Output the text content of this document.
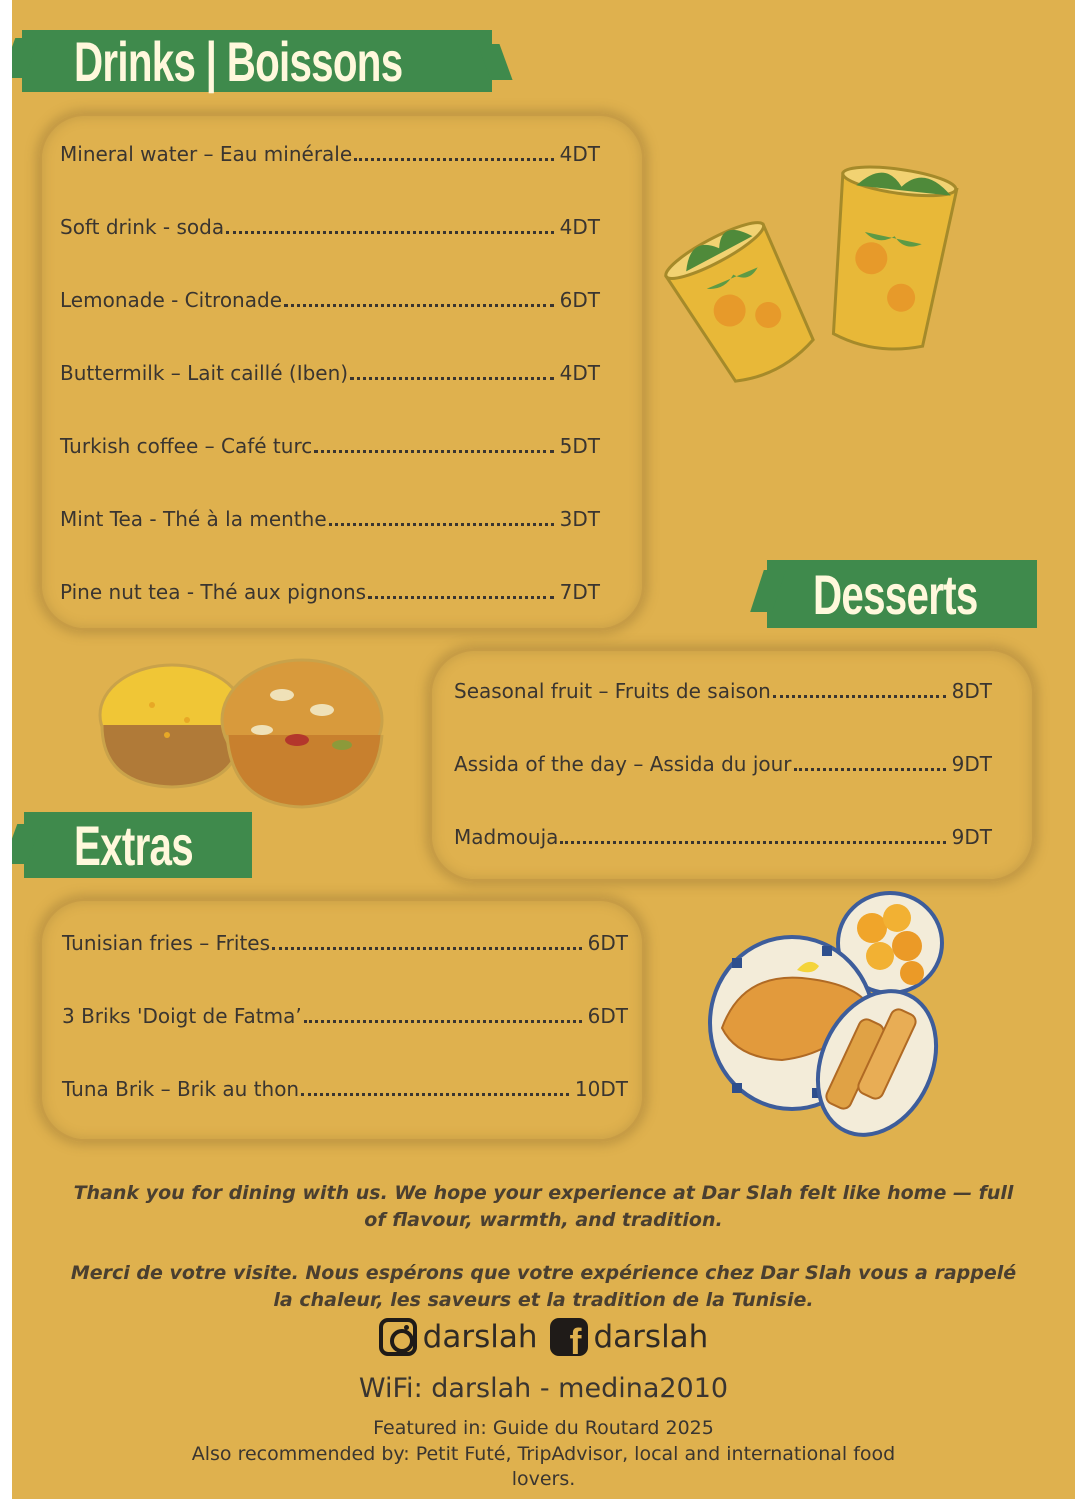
Drinks | Boissons
Mineral water – Eau minérale	4DT
Soft drink - soda	4DT
Lemonade - Citronade	6DT
Buttermilk – Lait caillé (Iben)	4DT
Turkish coffee – Café turc	5DT
Mint Tea - Thé à la menthe	3DT
Pine nut tea - Thé aux pignons	7DT	Desserts
Seasonal fruit – Fruits de saison	8DT
Assida of the day – Assida du jour	9DT
Madmouja	9DT
Extras
Tunisian fries – Frites	6DT
3 Briks 'Doigt de Fatma’	6DT
Tuna Brik – Brik au thon	10DT
Thank you for dining with us. We hope your experience at Dar Slah felt like home — full of flavour, warmth, and tradition.
Merci de votre visite. Nous espérons que votre expérience chez Dar Slah vous a rappelé la chaleur, les saveurs et la tradition de la Tunisie.
darslah f darslah
WiFi: darslah - medina2010
Featured in: Guide du Routard 2025
Also recommended by: Petit Futé, TripAdvisor, local and international food lovers.
